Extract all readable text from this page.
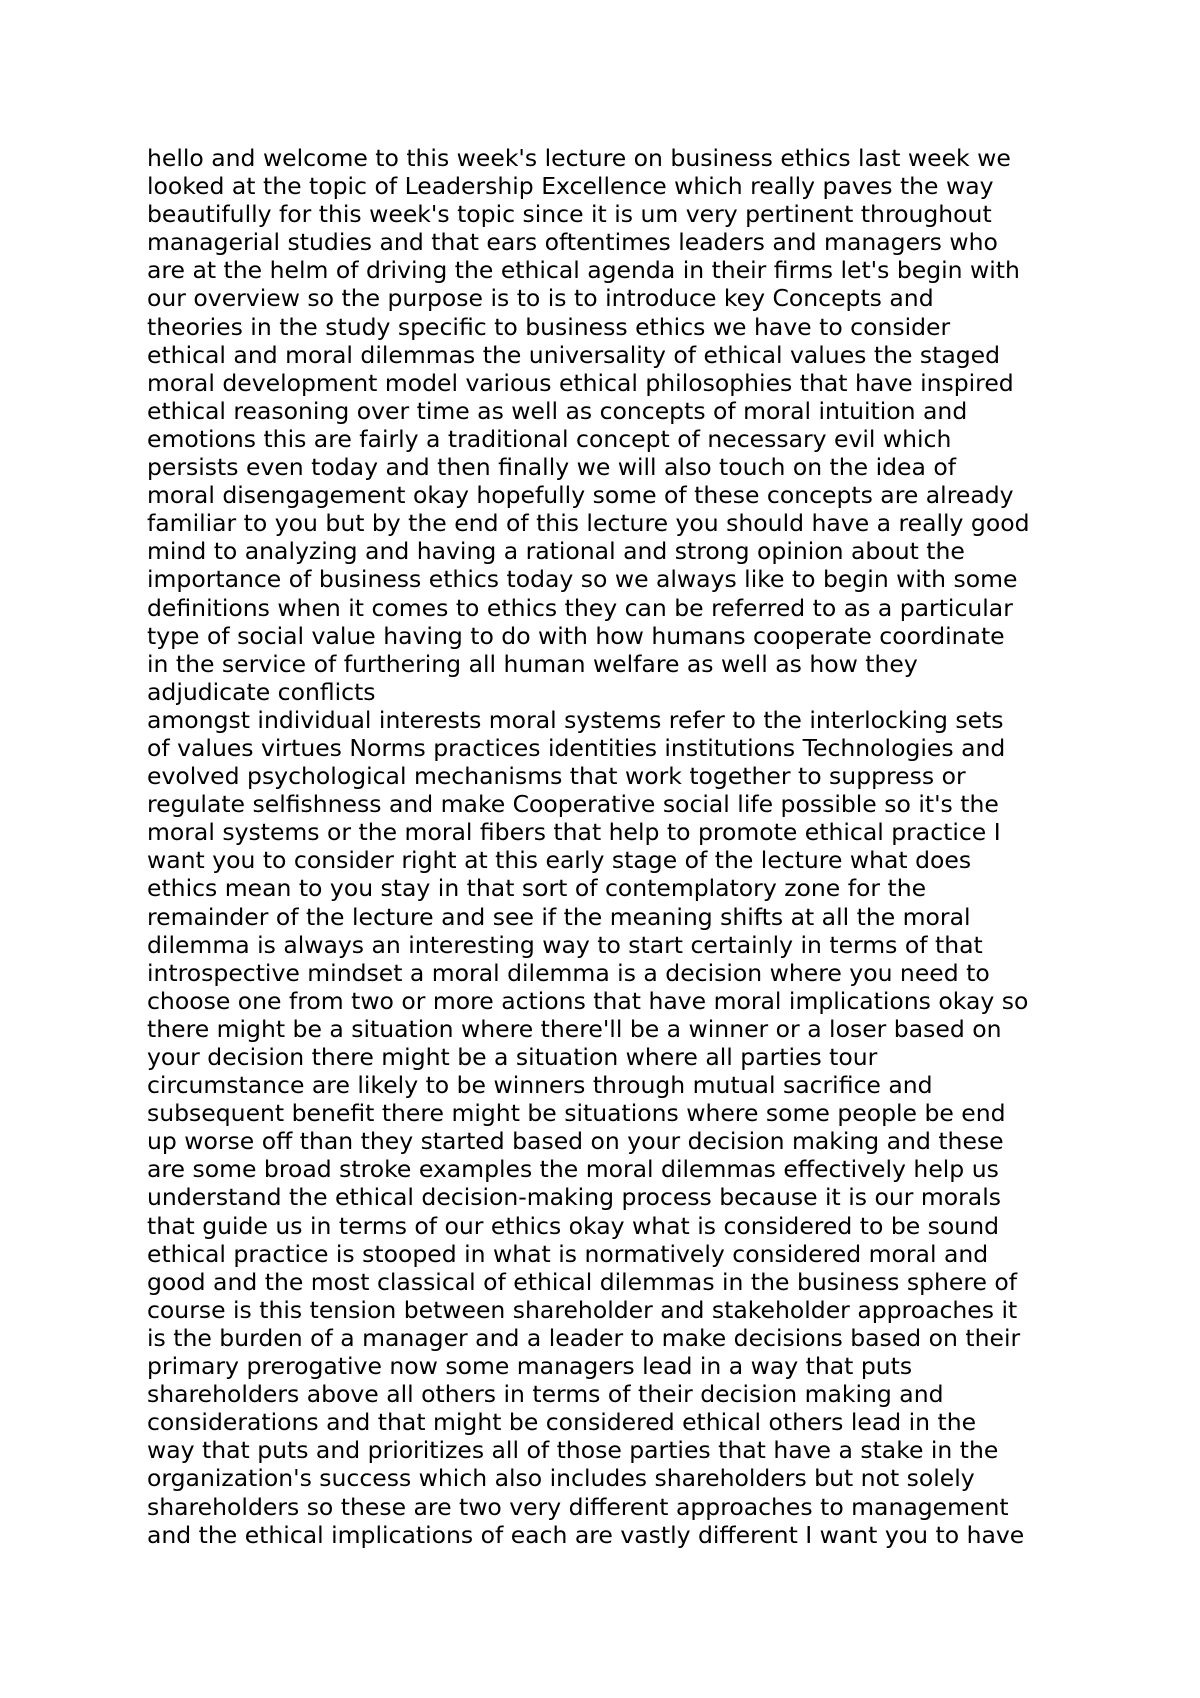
hello and welcome to this week's lecture on business ethics last week we
looked at the topic of Leadership Excellence which really paves the way
beautifully for this week's topic since it is um very pertinent throughout
managerial studies and that ears oftentimes leaders and managers who
are at the helm of driving the ethical agenda in their firms let's begin with
our overview so the purpose is to is to introduce key Concepts and
theories in the study specific to business ethics we have to consider
ethical and moral dilemmas the universality of ethical values the staged
moral development model various ethical philosophies that have inspired
ethical reasoning over time as well as concepts of moral intuition and
emotions this are fairly a traditional concept of necessary evil which
persists even today and then finally we will also touch on the idea of
moral disengagement okay hopefully some of these concepts are already
familiar to you but by the end of this lecture you should have a really good
mind to analyzing and having a rational and strong opinion about the
importance of business ethics today so we always like to begin with some
definitions when it comes to ethics they can be referred to as a particular
type of social value having to do with how humans cooperate coordinate
in the service of furthering all human welfare as well as how they
adjudicate conflicts
amongst individual interests moral systems refer to the interlocking sets
of values virtues Norms practices identities institutions Technologies and
evolved psychological mechanisms that work together to suppress or
regulate selfishness and make Cooperative social life possible so it's the
moral systems or the moral fibers that help to promote ethical practice I
want you to consider right at this early stage of the lecture what does
ethics mean to you stay in that sort of contemplatory zone for the
remainder of the lecture and see if the meaning shifts at all the moral
dilemma is always an interesting way to start certainly in terms of that
introspective mindset a moral dilemma is a decision where you need to
choose one from two or more actions that have moral implications okay so
there might be a situation where there'll be a winner or a loser based on
your decision there might be a situation where all parties tour
circumstance are likely to be winners through mutual sacrifice and
subsequent benefit there might be situations where some people be end
up worse off than they started based on your decision making and these
are some broad stroke examples the moral dilemmas effectively help us
understand the ethical decision-making process because it is our morals
that guide us in terms of our ethics okay what is considered to be sound
ethical practice is stooped in what is normatively considered moral and
good and the most classical of ethical dilemmas in the business sphere of
course is this tension between shareholder and stakeholder approaches it
is the burden of a manager and a leader to make decisions based on their
primary prerogative now some managers lead in a way that puts
shareholders above all others in terms of their decision making and
considerations and that might be considered ethical others lead in the
way that puts and prioritizes all of those parties that have a stake in the
organization's success which also includes shareholders but not solely
shareholders so these are two very different approaches to management
and the ethical implications of each are vastly different I want you to have
